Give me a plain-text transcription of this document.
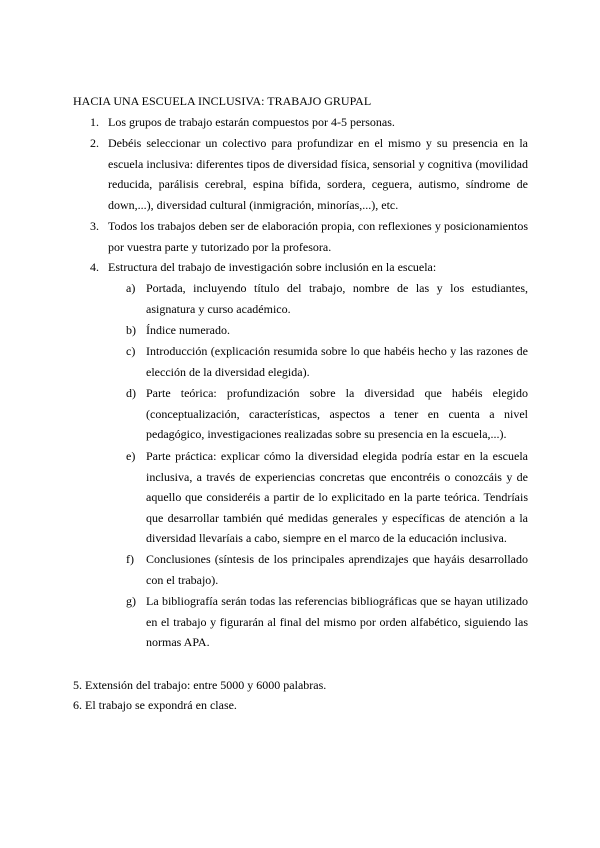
HACIA UNA ESCUELA INCLUSIVA: TRABAJO GRUPAL
1. Los grupos de trabajo estarán compuestos por 4-5 personas.
2. Debéis seleccionar un colectivo para profundizar en el mismo y su presencia en la escuela inclusiva: diferentes tipos de diversidad física, sensorial y cognitiva (movilidad reducida, parálisis cerebral, espina bífida, sordera, ceguera, autismo, síndrome de down,...), diversidad cultural (inmigración, minorías,...), etc.
3. Todos los trabajos deben ser de elaboración propia, con reflexiones y posicionamientos por vuestra parte y tutorizado por la profesora.
4. Estructura del trabajo de investigación sobre inclusión en la escuela:
a) Portada, incluyendo título del trabajo, nombre de las y los estudiantes, asignatura y curso académico.
b) Índice numerado.
c) Introducción (explicación resumida sobre lo que habéis hecho y las razones de elección de la diversidad elegida).
d) Parte teórica: profundización sobre la diversidad que habéis elegido (conceptualización, características, aspectos a tener en cuenta a nivel pedagógico, investigaciones realizadas sobre su presencia en la escuela,...).
e) Parte práctica: explicar cómo la diversidad elegida podría estar en la escuela inclusiva, a través de experiencias concretas que encontréis o conozcáis y de aquello que consideréis a partir de lo explicitado en la parte teórica. Tendríais que desarrollar también qué medidas generales y específicas de atención a la diversidad llevaríais a cabo, siempre en el marco de la educación inclusiva.
f) Conclusiones (síntesis de los principales aprendizajes que hayáis desarrollado con el trabajo).
g) La bibliografía serán todas las referencias bibliográficas que se hayan utilizado en el trabajo y figurarán al final del mismo por orden alfabético, siguiendo las normas APA.
5. Extensión del trabajo: entre 5000 y 6000 palabras.
6. El trabajo se expondrá en clase.
